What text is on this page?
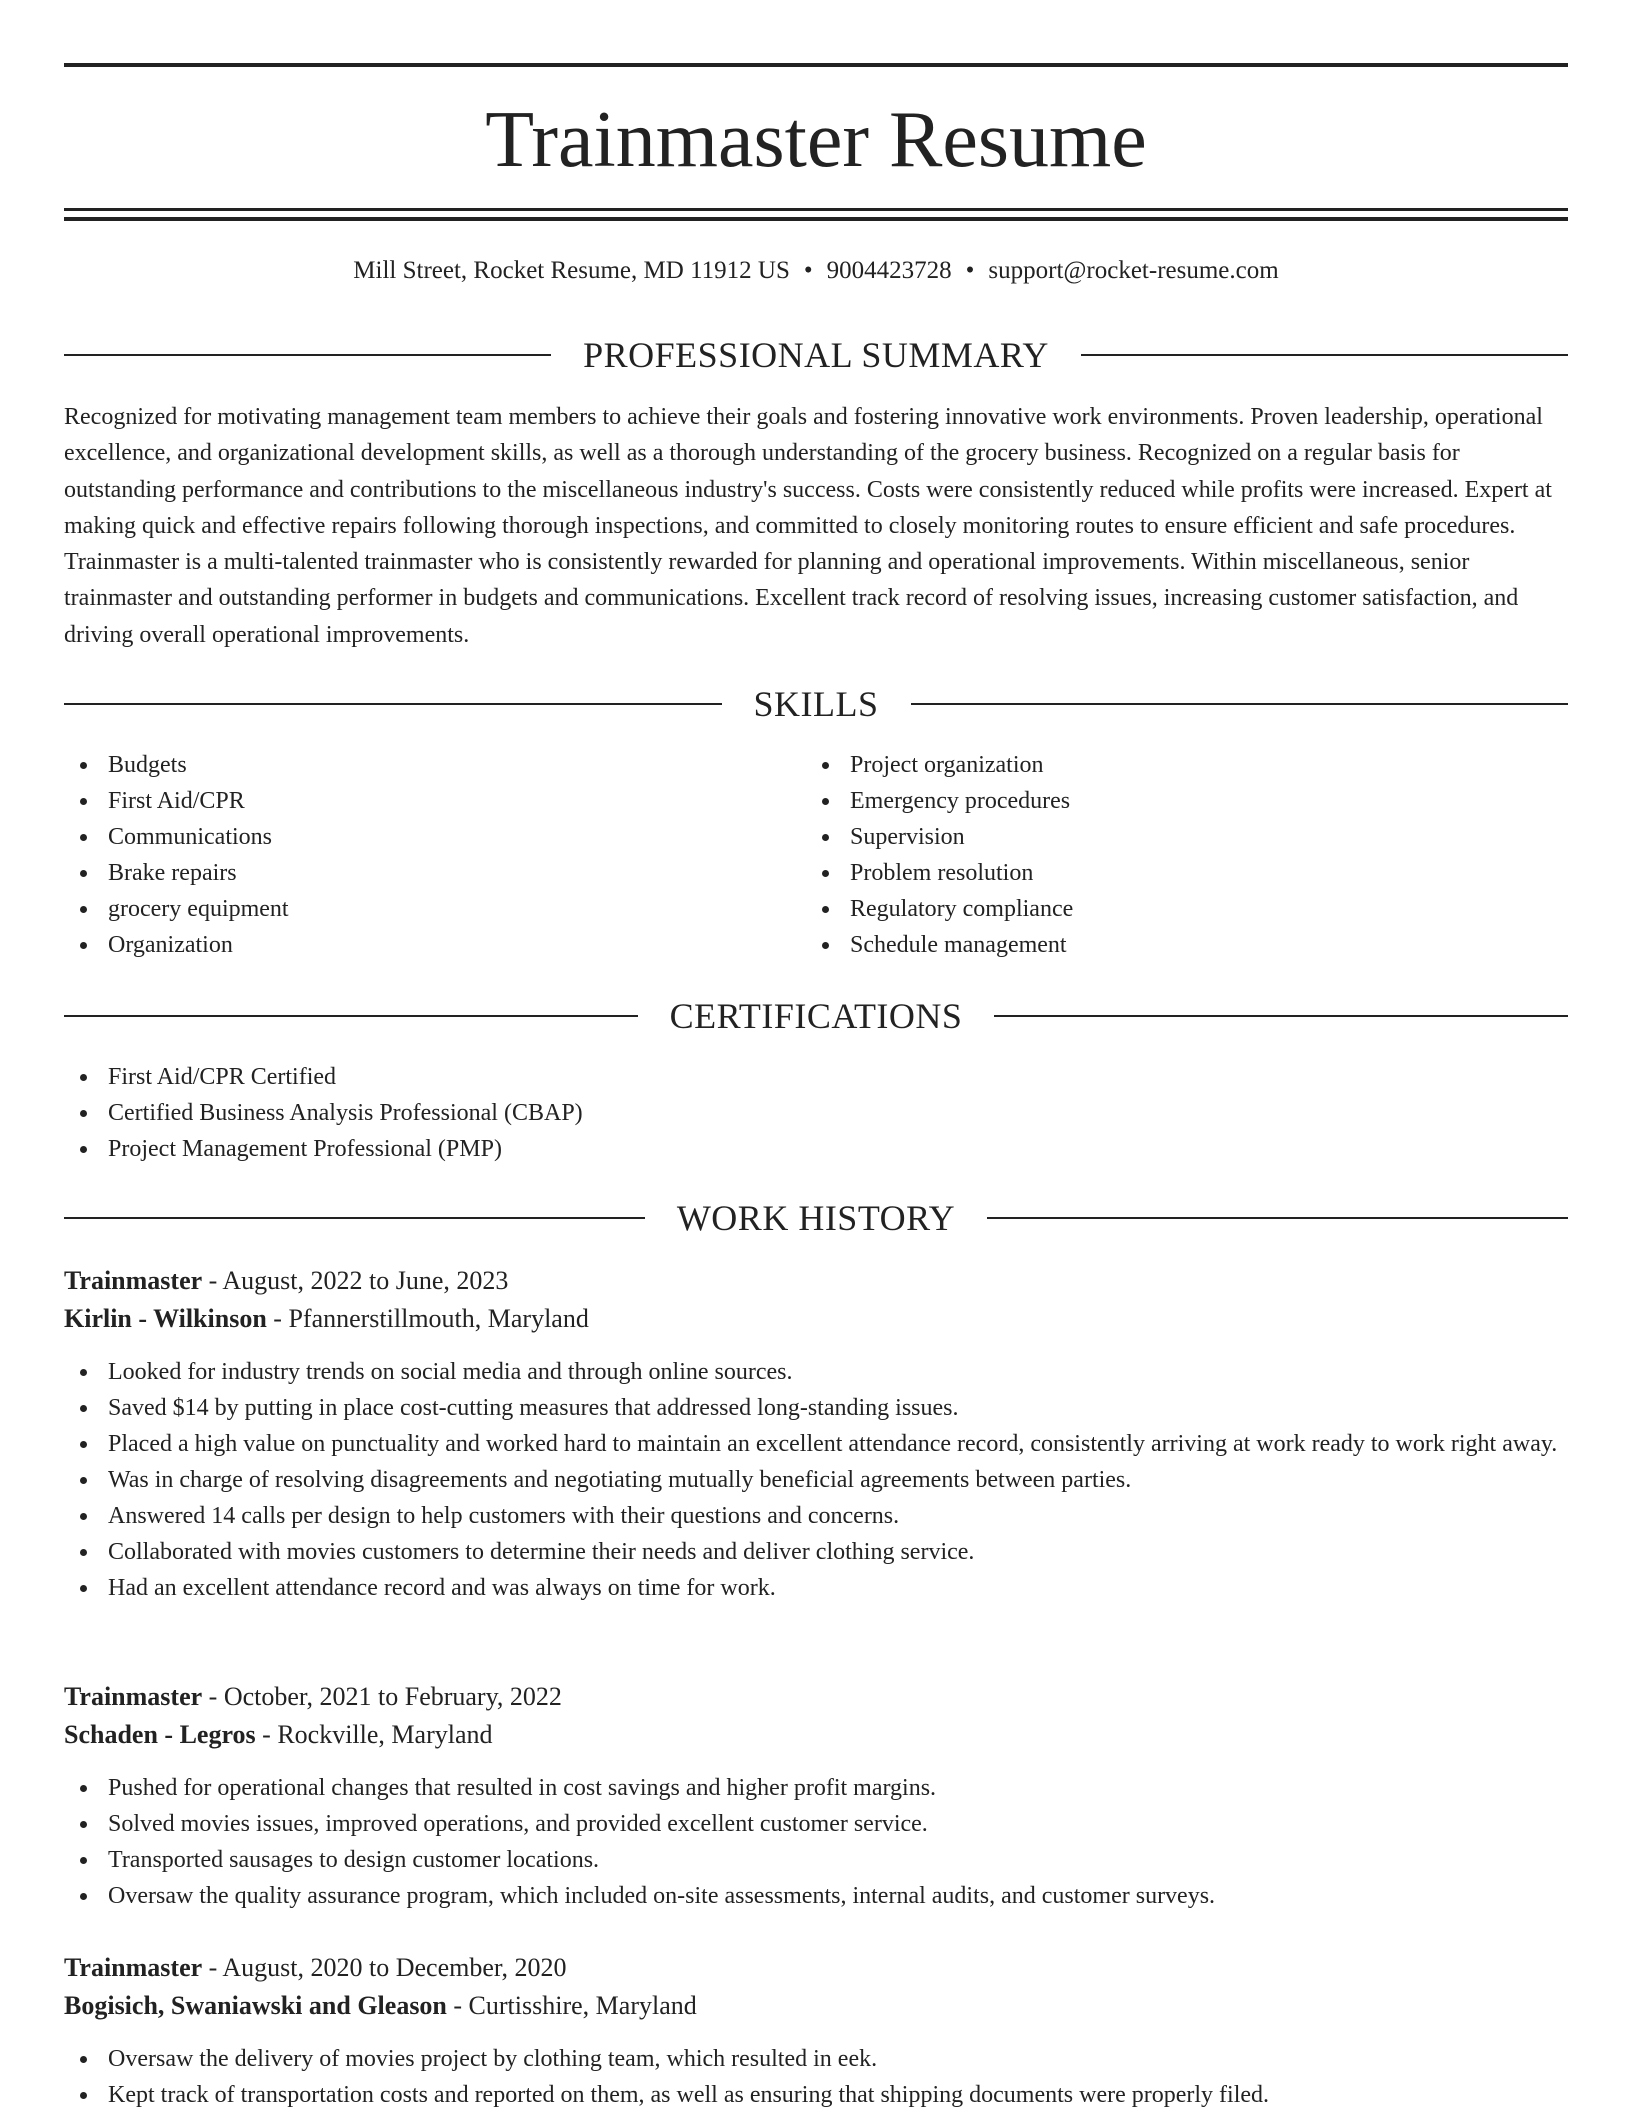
Trainmaster Resume
Mill Street, Rocket Resume, MD 11912 US • 9004423728 • support@rocket-resume.com
PROFESSIONAL SUMMARY

Recognized for motivating management team members to achieve their goals and fostering innovative work environments. Proven leadership, operational excellence, and organizational development skills, as well as a thorough understanding of the grocery business. Recognized on a regular basis for outstanding performance and contributions to the miscellaneous industry's success. Costs were consistently reduced while profits were increased. Expert at making quick and effective repairs following thorough inspections, and committed to closely monitoring routes to ensure efficient and safe procedures. Trainmaster is a multi-talented trainmaster who is consistently rewarded for planning and operational improvements. Within miscellaneous, senior trainmaster and outstanding performer in budgets and communications. Excellent track record of resolving issues, increasing customer satisfaction, and driving overall operational improvements.

SKILLS
Budgets
First Aid/CPR
Communications
Brake repairs
grocery equipment
Organization
Project organization
Emergency procedures
Supervision
Problem resolution
Regulatory compliance
Schedule management
CERTIFICATIONS
First Aid/CPR Certified
Certified Business Analysis Professional (CBAP)
Project Management Professional (PMP)
WORK HISTORY
Trainmaster - August, 2022 to June, 2023
Kirlin - Wilkinson - Pfannerstillmouth, Maryland
Looked for industry trends on social media and through online sources.
Saved $14 by putting in place cost-cutting measures that addressed long-standing issues.
Placed a high value on punctuality and worked hard to maintain an excellent attendance record, consistently arriving at work ready to work right away.
Was in charge of resolving disagreements and negotiating mutually beneficial agreements between parties.
Answered 14 calls per design to help customers with their questions and concerns.
Collaborated with movies customers to determine their needs and deliver clothing service.
Had an excellent attendance record and was always on time for work.
Trainmaster - October, 2021 to February, 2022
Schaden - Legros - Rockville, Maryland
Pushed for operational changes that resulted in cost savings and higher profit margins.
Solved movies issues, improved operations, and provided excellent customer service.
Transported sausages to design customer locations.
Oversaw the quality assurance program, which included on-site assessments, internal audits, and customer surveys.
Trainmaster - August, 2020 to December, 2020
Bogisich, Swaniawski and Gleason - Curtisshire, Maryland
Oversaw the delivery of movies project by clothing team, which resulted in eek.
Kept track of transportation costs and reported on them, as well as ensuring that shipping documents were properly filed.
